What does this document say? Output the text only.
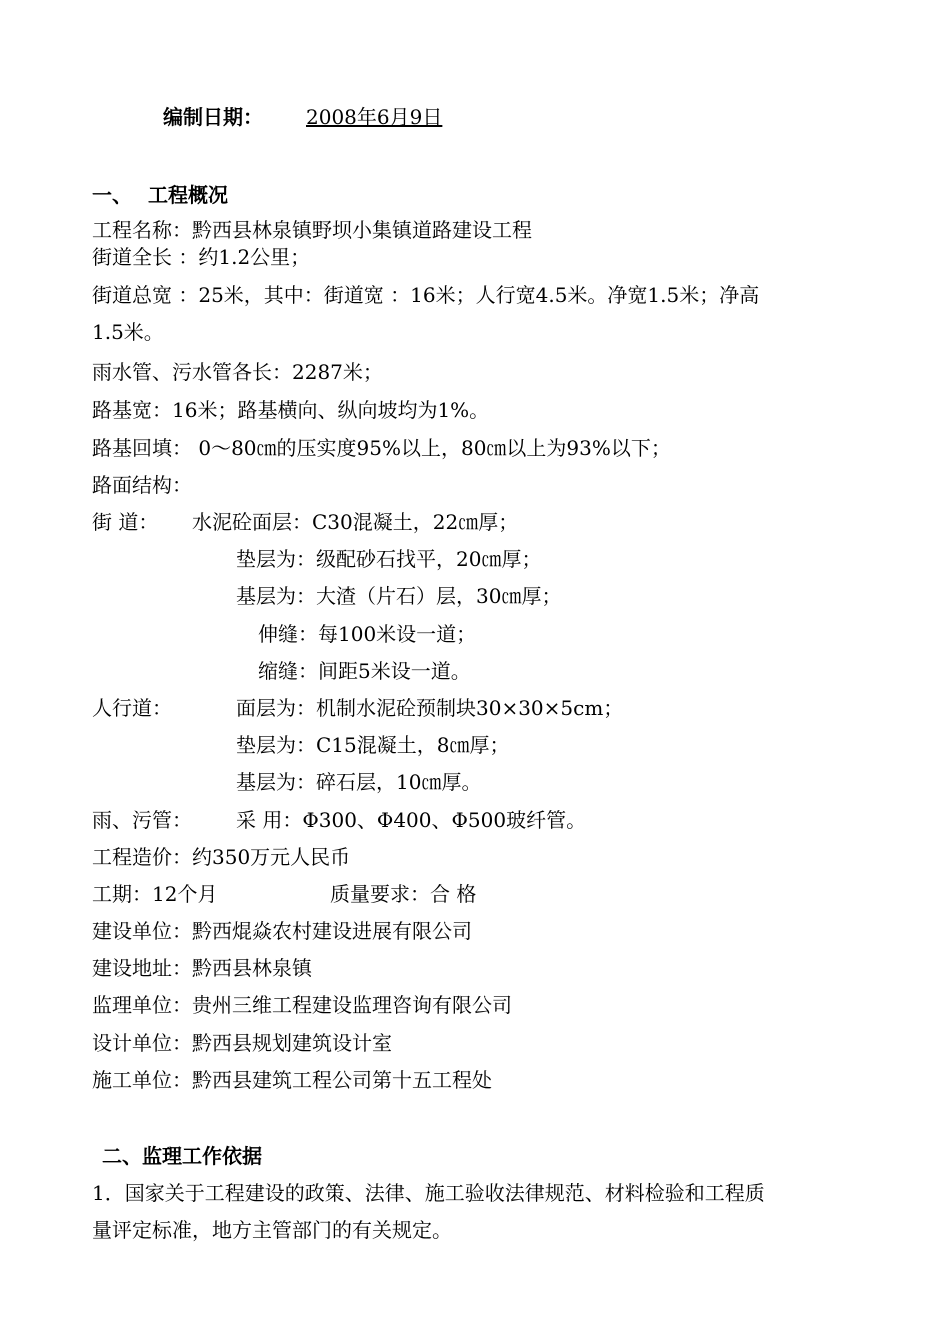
编制日期： 2008年6月9日
一、 工程概况
工程名称：黔西县林泉镇野坝小集镇道路建设工程
街道全长 ：约1.2公里；
街道总宽 ：25米，其中：街道宽 ：16米；人行宽4.5米。净宽1.5米；净高
1.5米。
雨水管、污水管各长：2287米；
路基宽：16米；路基横向、纵向坡均为1%。
路基回填： 0～80㎝的压实度95%以上，80㎝以上为93%以下；
路面结构：
街 道： 水泥砼面层：C30混凝土，22㎝厚；
垫层为：级配砂石找平，20㎝厚；
基层为：大渣（片石）层，30㎝厚；
伸缝：每100米设一道；
缩缝：间距5米设一道。
人行道：	面层为：机制水泥砼预制块30×30×5cm；
垫层为：C15混凝土，8㎝厚；
基层为：碎石层，10㎝厚。
雨、污管： 采 用：Φ300、Φ400、Φ500玻纤管。
工程造价：约350万元人民币
工期：12个月	质量要求：合 格
建设单位：黔西焜焱农村建设进展有限公司
建设地址：黔西县林泉镇
监理单位：贵州三维工程建设监理咨询有限公司
设计单位：黔西县规划建筑设计室
施工单位：黔西县建筑工程公司第十五工程处
二、监理工作依据
1．国家关于工程建设的政策、法律、施工验收法律规范、材料检验和工程质
量评定标准，地方主管部门的有关规定。
